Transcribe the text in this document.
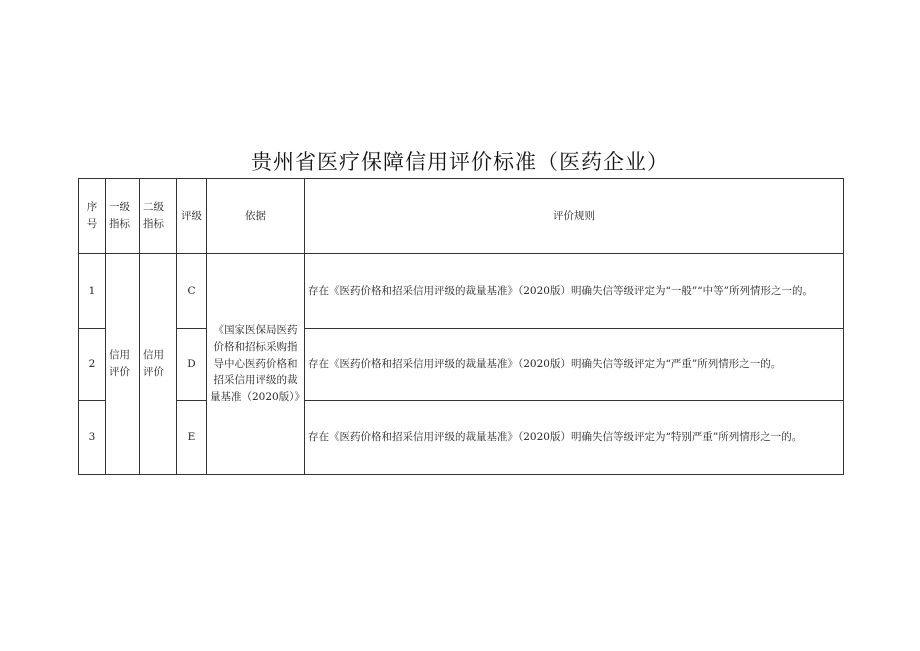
贵州省医疗保障信用评价标准（医药企业）
序号	一级指标	二级指标	评级	依据	评价规则
1	信用评价	信用评价	C	《国家医保局医药价格和招标采购指导中心医药价格和招采信用评级的裁量基准（2020版）》	存在《医药价格和招采信用评级的裁量基准》（2020版）明确失信等级评定为“一般”“中等”所列情形之一的。
2			D		存在《医药价格和招采信用评级的裁量基准》（2020版）明确失信等级评定为“严重”所列情形之一的。
3			E		存在《医药价格和招采信用评级的裁量基准》（2020版）明确失信等级评定为“特别严重”所列情形之一的。
